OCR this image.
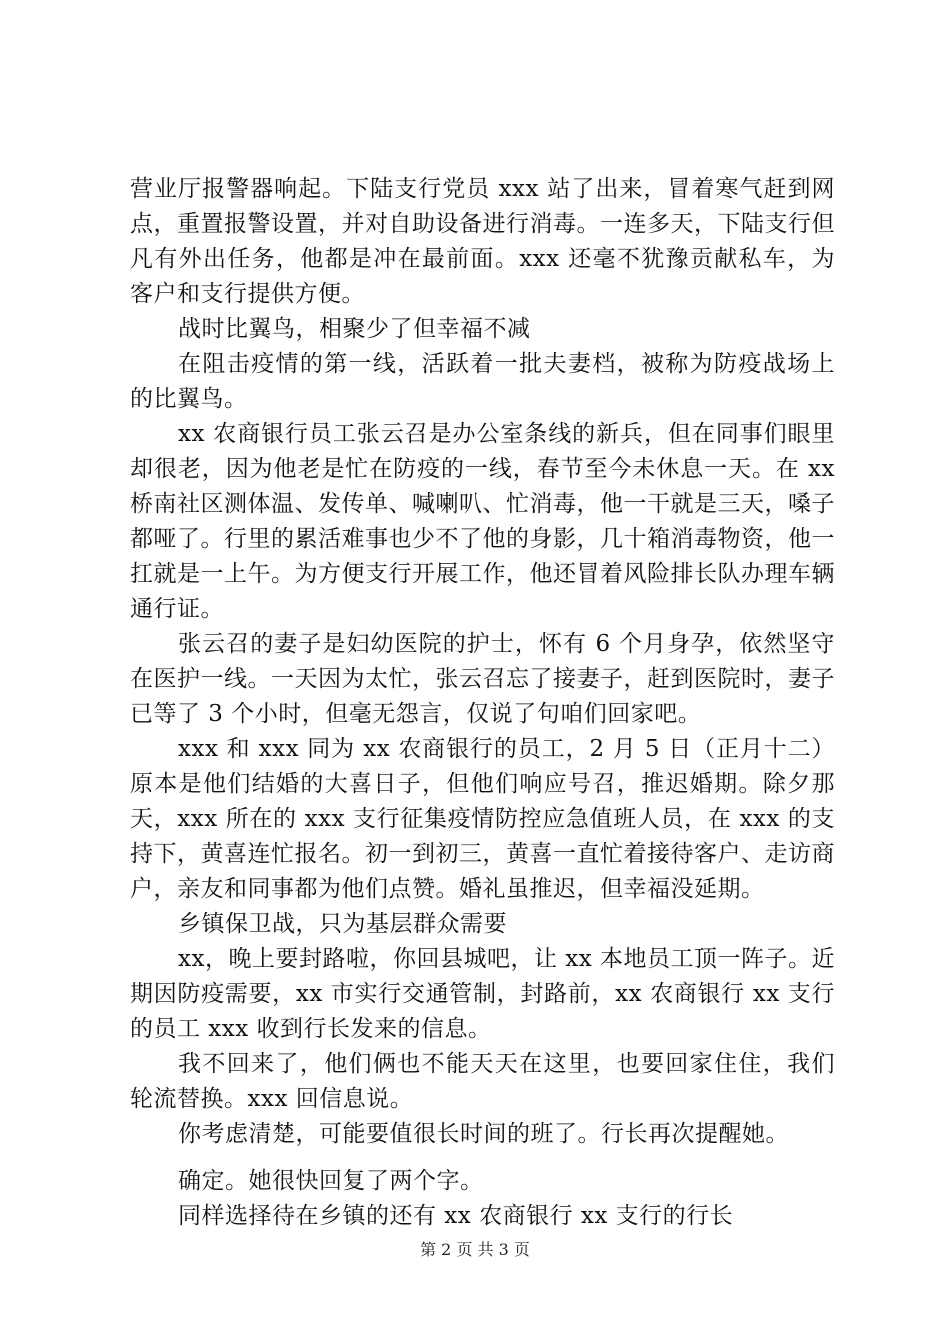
营业厅报警器响起。下陆支行党员 xxx 站了出来，冒着寒气赶到网点，重置报警设置，并对自助设备进行消毒。一连多天，下陆支行但凡有外出任务，他都是冲在最前面。xxx 还毫不犹豫贡献私车，为客户和支行提供方便。

战时比翼鸟，相聚少了但幸福不减

在阻击疫情的第一线，活跃着一批夫妻档，被称为防疫战场上的比翼鸟。

xx 农商银行员工张云召是办公室条线的新兵，但在同事们眼里却很老，因为他老是忙在防疫的一线，春节至今未休息一天。在 xx 桥南社区测体温、发传单、喊喇叭、忙消毒，他一干就是三天，嗓子都哑了。行里的累活难事也少不了他的身影，几十箱消毒物资，他一扛就是一上午。为方便支行开展工作，他还冒着风险排长队办理车辆通行证。

张云召的妻子是妇幼医院的护士，怀有 6 个月身孕，依然坚守在医护一线。一天因为太忙，张云召忘了接妻子，赶到医院时，妻子已等了 3 个小时，但毫无怨言，仅说了句咱们回家吧。

xxx 和 xxx 同为 xx 农商银行的员工，2 月 5 日（正月十二）原本是他们结婚的大喜日子，但他们响应号召，推迟婚期。除夕那天，xxx 所在的 xxx 支行征集疫情防控应急值班人员，在 xxx 的支持下，黄喜连忙报名。初一到初三，黄喜一直忙着接待客户、走访商户，亲友和同事都为他们点赞。婚礼虽推迟，但幸福没延期。

乡镇保卫战，只为基层群众需要

xx，晚上要封路啦，你回县城吧，让 xx 本地员工顶一阵子。近期因防疫需要，xx 市实行交通管制，封路前，xx 农商银行 xx 支行的员工 xxx 收到行长发来的信息。

我不回来了，他们俩也不能天天在这里，也要回家住住，我们轮流替换。xxx 回信息说。

你考虑清楚，可能要值很长时间的班了。行长再次提醒她。

确定。她很快回复了两个字。

同样选择待在乡镇的还有 xx 农商银行 xx 支行的行长

第 2 页 共 3 页
